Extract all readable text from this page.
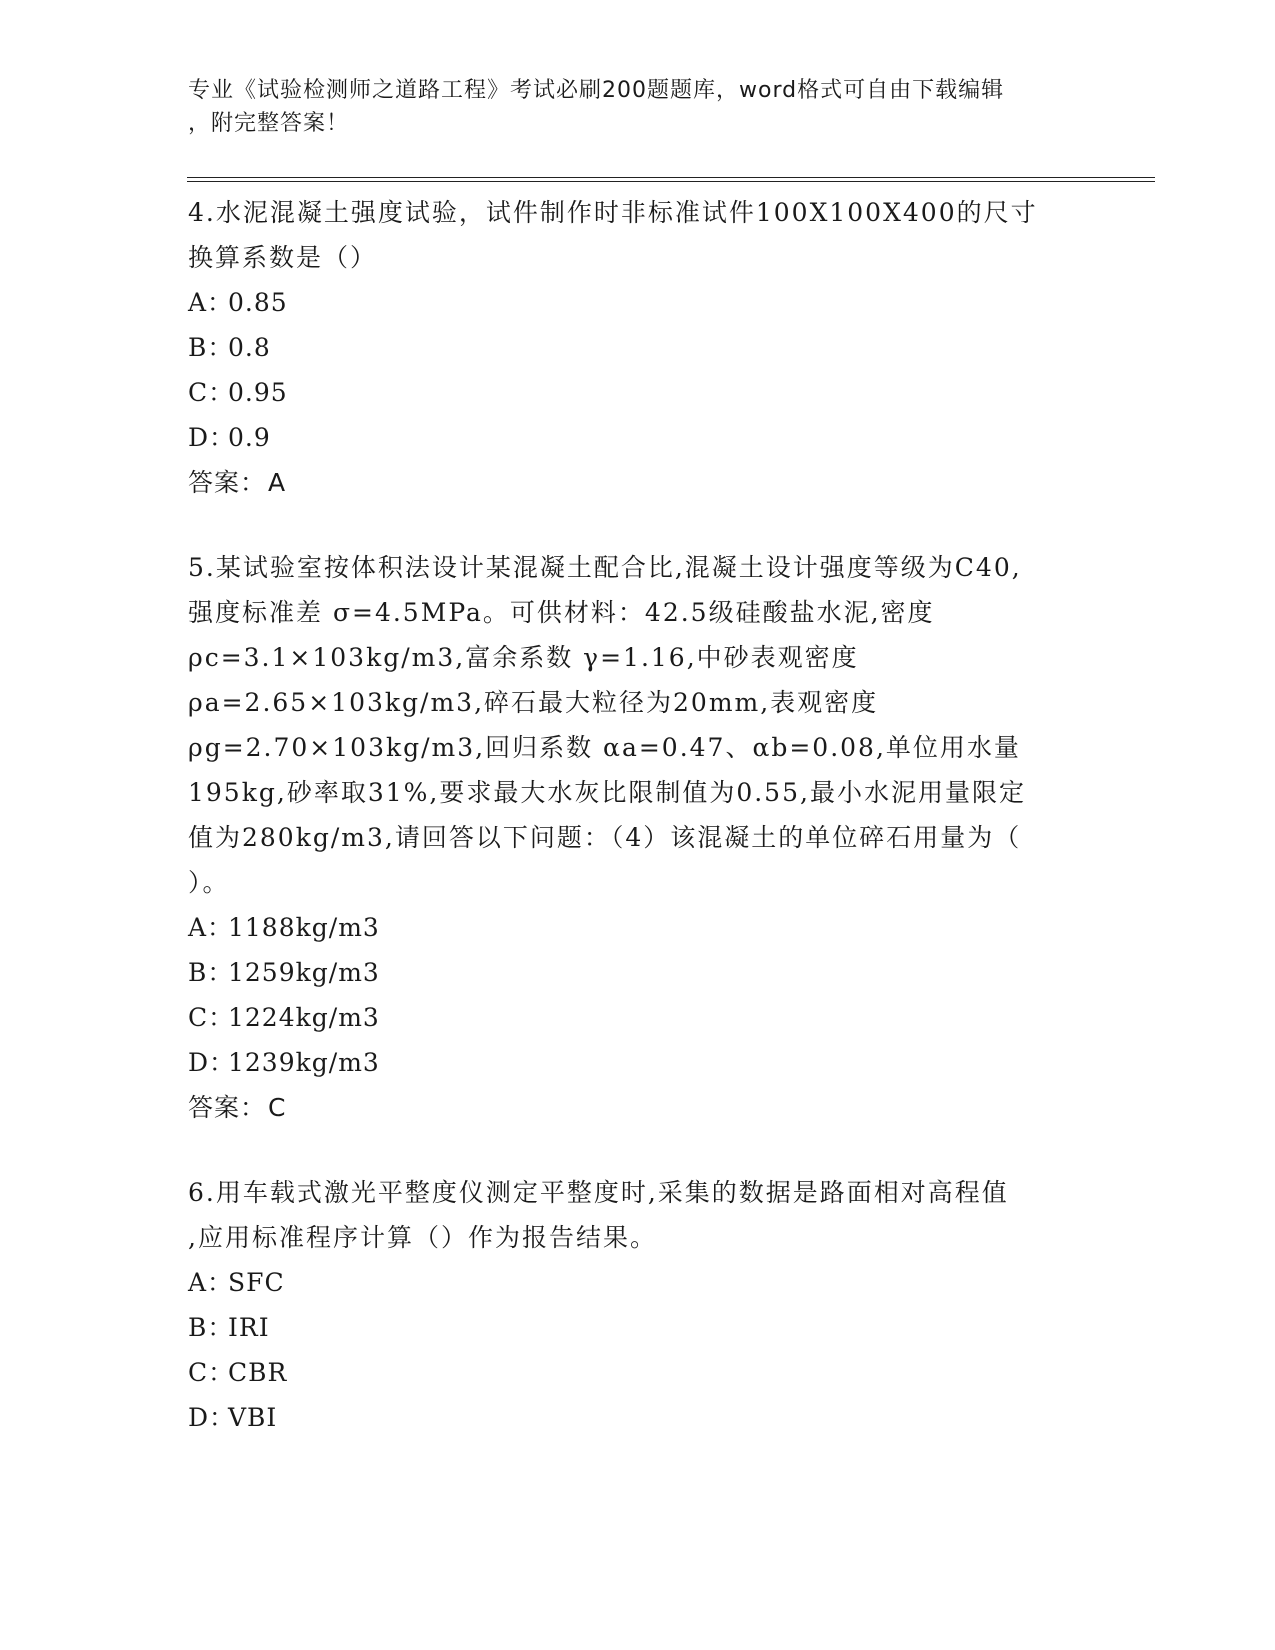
专业《试验检测师之道路工程》考试必刷200题题库，word格式可自由下载编辑
，附完整答案！

4.水泥混凝土强度试验，试件制作时非标准试件100X100X400的尺寸

换算系数是（）

A：
0.85
B：
0.8
C：
0.95
D：
0.9

答案：A

5.某试验室按体积法设计某混凝土配合比,混凝土设计强度等级为C40,

强度标准差 σ=4.5MPa。可供材料：42.5级硅酸盐水泥,密度

ρc=3.1×103kg/m3,富余系数 γ=1.16,中砂表观密度

ρa=2.65×103kg/m3,碎石最大粒径为20mm,表观密度

ρg=2.70×103kg/m3,回归系数 αa=0.47、αb=0.08,单位用水量

195kg,砂率取31%,要求最大水灰比限制值为0.55,最小水泥用量限定

值为280kg/m3,请回答以下问题：（4）该混凝土的单位碎石用量为（

）。

A：
1188kg/m3
B：
1259kg/m3
C：
1224kg/m3
D：
1239kg/m3

答案：C

6.用车载式激光平整度仪测定平整度时,采集的数据是路面相对高程值

,应用标准程序计算（）作为报告结果。

A：
SFC
B：
IRI
C：
CBR
D：
VBI
